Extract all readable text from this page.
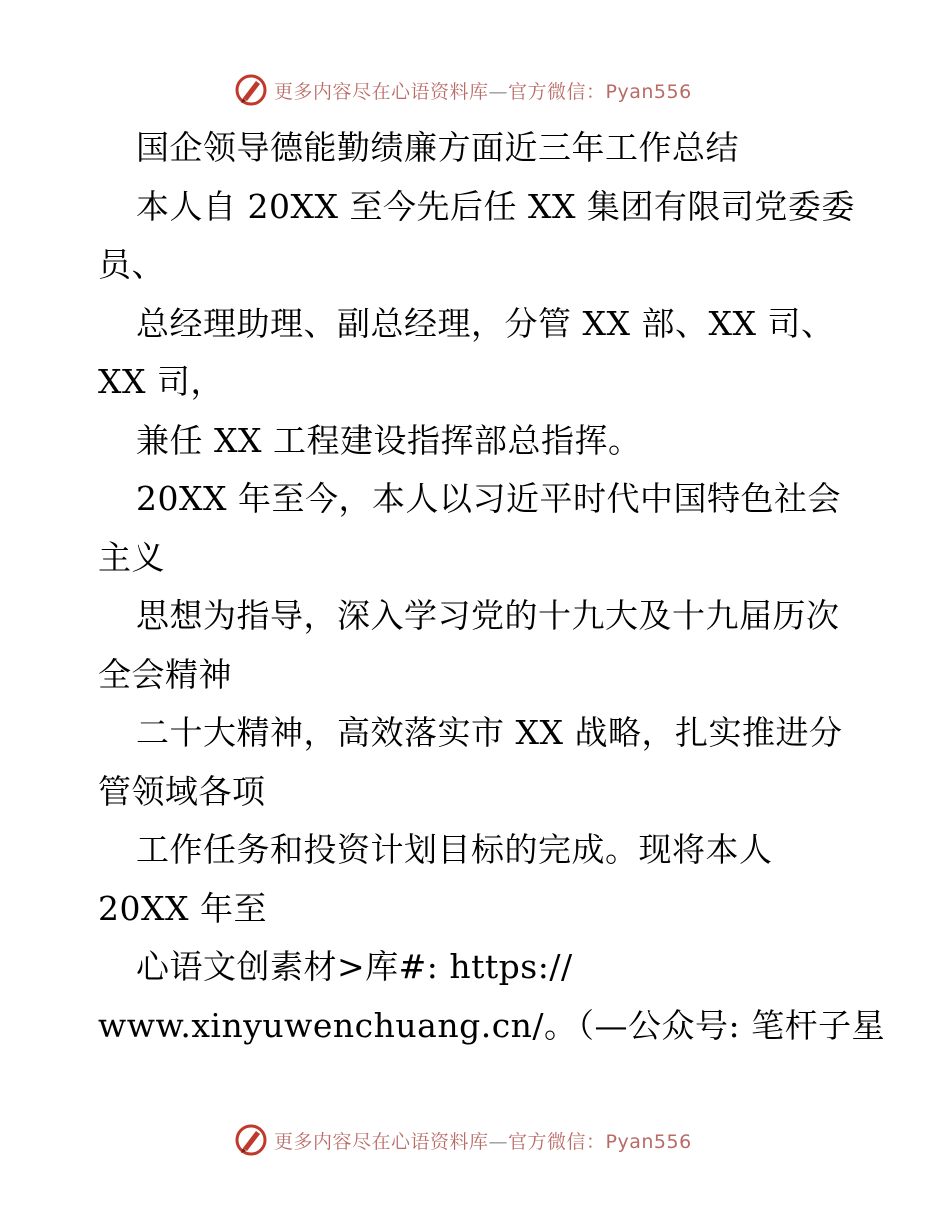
更多内容尽在心语资料库—官方微信：Pyan556
国企领导德能勤绩廉方面近三年工作总结
本人自 20XX 至今先后任 XX 集团有限司党委委
员、
总经理助理、副总经理，分管 XX 部、XX 司、
XX 司，
兼任 XX 工程建设指挥部总指挥。
20XX 年至今，本人以习近平时代中国特色社会
主义
思想为指导，深入学习党的十九大及十九届历次
全会精神
二十大精神，高效落实市 XX 战略，扎实推进分
管领域各项
工作任务和投资计划目标的完成。现将本人
20XX 年至
心语文创素材>库#: https://
www.xinyuwenchuang.cn/。（—公众号: 笔杆子星
更多内容尽在心语资料库—官方微信：Pyan556
